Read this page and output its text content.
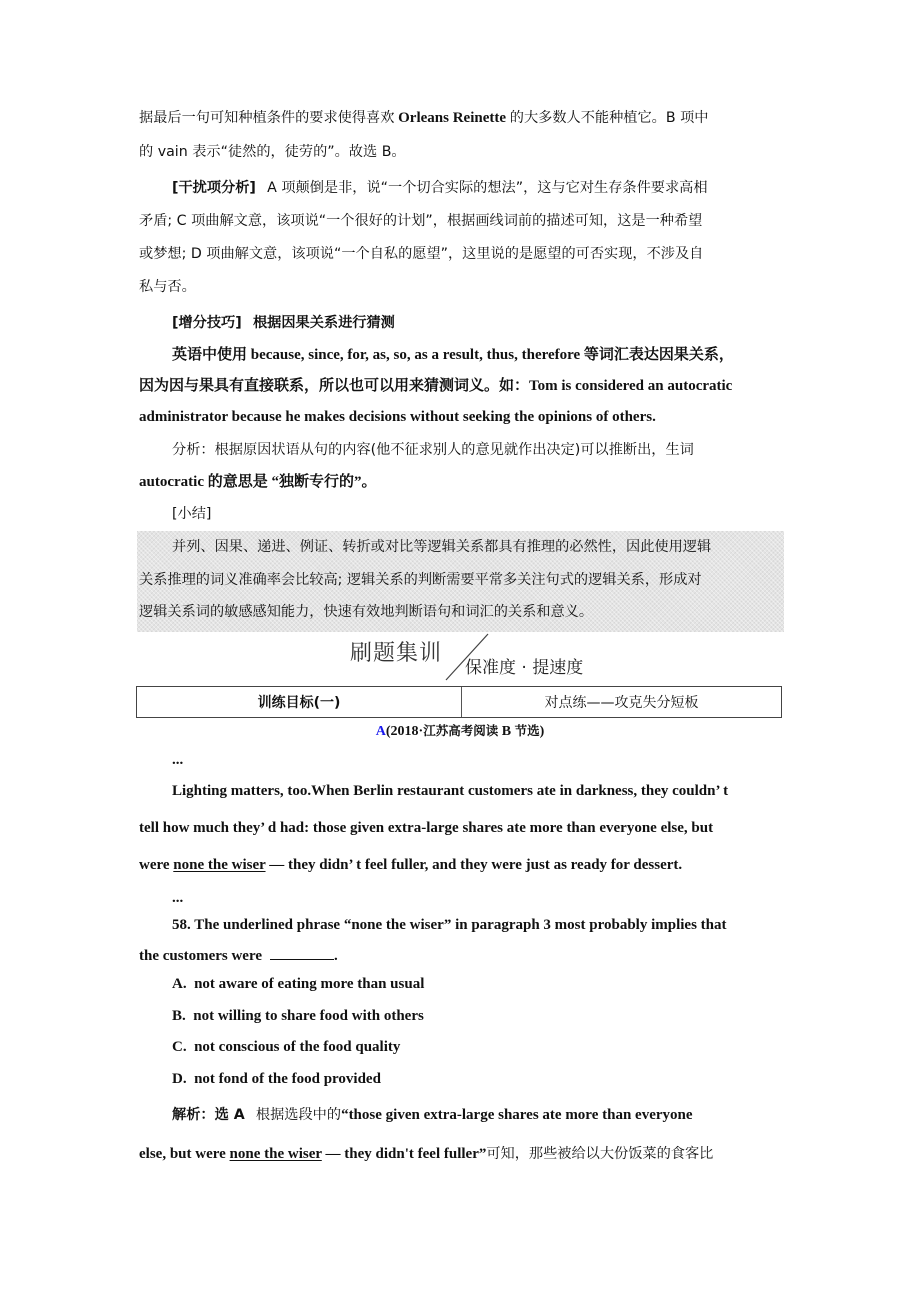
据最后一句可知种植条件的要求使得喜欢 Orleans Reinette 的大多数人不能种植它。B 项中
的 vain 表示“徒然的，徒劳的”。故选 B。
[干扰项分析] A 项颠倒是非，说“一个切合实际的想法”，这与它对生存条件要求高相
矛盾; C 项曲解文意，该项说“一个很好的计划”，根据画线词前的描述可知，这是一种希望
或梦想; D 项曲解文意，该项说“一个自私的愿望”，这里说的是愿望的可否实现，不涉及自
私与否。
[增分技巧] 根据因果关系进行猜测
英语中使用 because, since, for, as, so, as a result, thus, therefore 等词汇表达因果关系，
因为因与果具有直接联系，所以也可以用来猜测词义。如：Tom is considered an autocratic
administrator because he makes decisions without seeking the opinions of others.
分析：根据原因状语从句的内容(他不征求别人的意见就作出决定)可以推断出，生词
autocratic 的意思是 “独断专行的”。
[小结]
并列、因果、递进、例证、转折或对比等逻辑关系都具有推理的必然性，因此使用逻辑
关系推理的词义准确率会比较高; 逻辑关系的判断需要平常多关注句式的逻辑关系，形成对
逻辑关系词的敏感感知能力，快速有效地判断语句和词汇的关系和意义。
刷题集训
保准度 · 提速度
训练目标(一)	对点练——攻克失分短板
A(2018·江苏高考阅读 B 节选)
...
Lighting matters, too.When Berlin restaurant customers ate in darkness, they couldn’ t
tell how much they’ d had: those given extra-large shares ate more than everyone else, but
were none the wiser — they didn’ t feel fuller, and they were just as ready for dessert.
...
58. The underlined phrase “none the wiser” in paragraph 3 most probably implies that
the customers were	.
A. not aware of eating more than usual
B. not willing to share food with others
C. not conscious of the food quality
D. not fond of the food provided
解析：选 A 根据选段中的“those given extra-large shares ate more than everyone
else, but were none the wiser — they didn't feel fuller”可知，那些被给以大份饭菜的食客比
